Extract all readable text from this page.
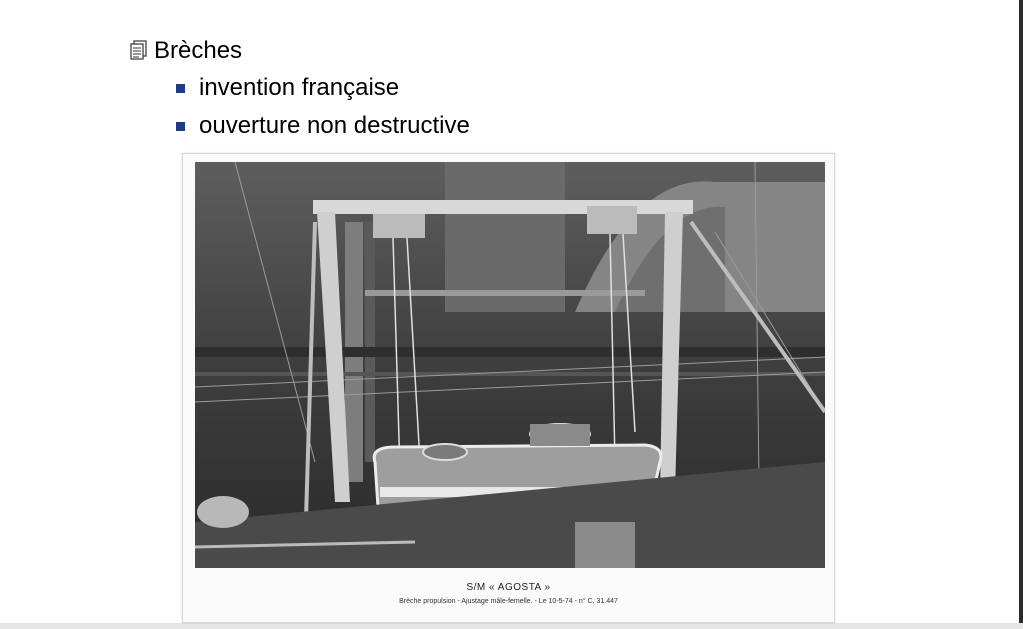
Brèches
invention française
ouverture non destructive
S/M « AGOSTA »
Brèche propulsion - Ajustage mâle-femelle. - Le 10-5-74 - n° C. 31.447
